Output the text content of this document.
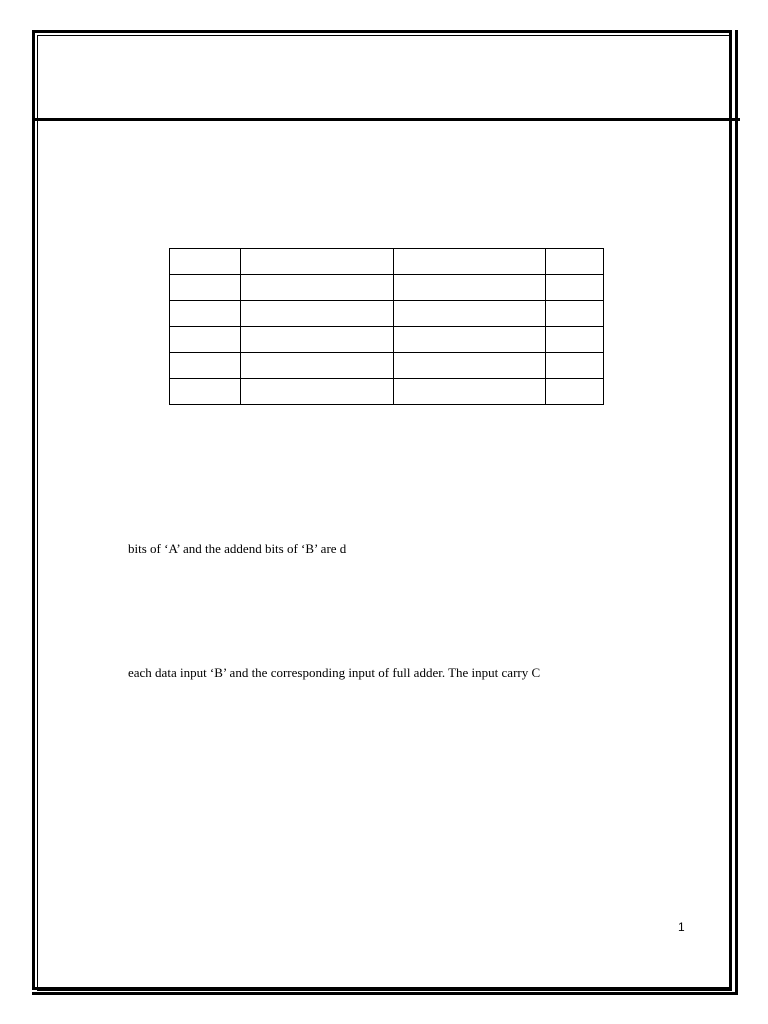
bits of ‘A’ and the addend bits of ‘B’ are d
each data input ‘B’ and the corresponding input of full adder. The input carry C
1
